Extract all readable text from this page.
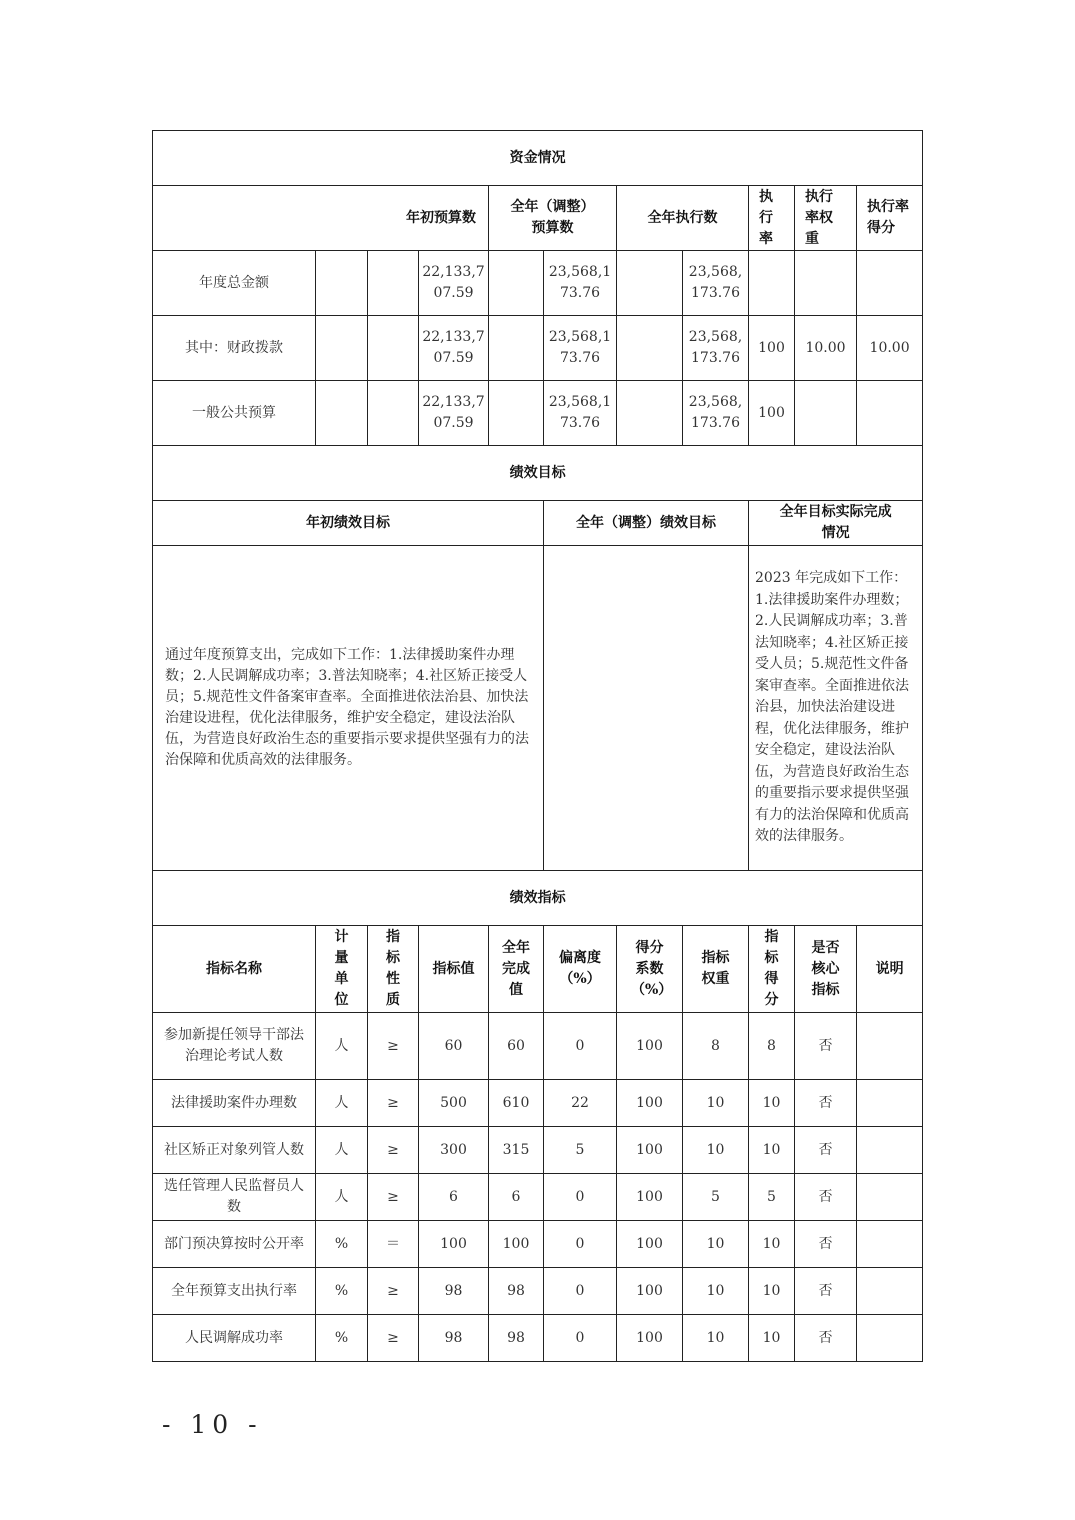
资金情况										
年初预算数				全年（调整）预算数		全年执行数		执行率	执行率权重	执行率得分
年度总金额			22,133,707.59		23,568,173.76		23,568,173.76			
其中：财政拨款			22,133,707.59		23,568,173.76		23,568,173.76	100	10.00	10.00
一般公共预算			22,133,707.59		23,568,173.76		23,568,173.76	100		
绩效目标										
年初绩效目标					全年（调整）绩效目标			全年目标实际完成情况		
通过年度预算支出，完成如下工作：1.法律援助案件办理数；2.人民调解成功率；3.普法知晓率；4.社区矫正接受人员；5.规范性文件备案审查率。全面推进依法治县、加快法治建设进程，优化法律服务，维护安全稳定，建设法治队伍，为营造良好政治生态的重要指示要求提供坚强有力的法治保障和优质高效的法律服务。								2023 年完成如下工作：1.法律援助案件办理数；2.人民调解成功率；3.普法知晓率；4.社区矫正接受人员；5.规范性文件备案审查率。全面推进依法治县，加快法治建设进程，优化法律服务，维护安全稳定，建设法治队伍，为营造良好政治生态的重要指示要求提供坚强有力的法治保障和优质高效的法律服务。		
绩效指标										
指标名称	计量单位	指标性质	指标值	全年完成值	偏离度（%）	得分系数（%）	指标权重	指标得分	是否核心指标	说明
参加新提任领导干部法治理论考试人数	人	≥	60	60	0	100	8	8	否	
法律援助案件办理数	人	≥	500	610	22	100	10	10	否	
社区矫正对象列管人数	人	≥	300	315	5	100	10	10	否	
选任管理人民监督员人数	人	≥	6	6	0	100	5	5	否	
部门预决算按时公开率	%	＝	100	100	0	100	10	10	否	
全年预算支出执行率	%	≥	98	98	0	100	10	10	否	
人民调解成功率	%	≥	98	98	0	100	10	10	否	
- 10 -
